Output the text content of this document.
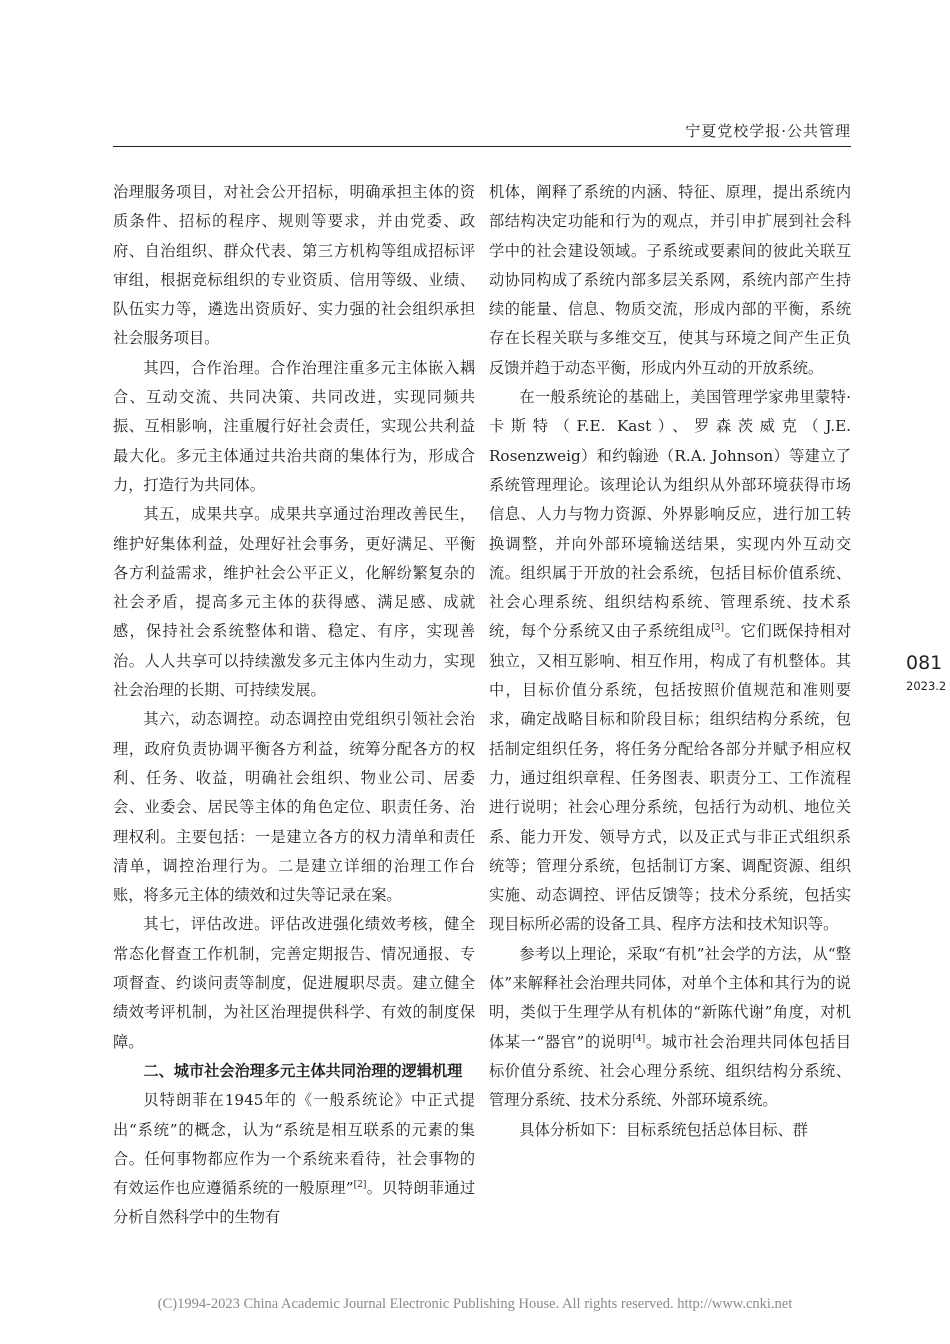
宁夏党校学报·公共管理

治理服务项目，对社会公开招标，明确承担主体的资质条件、招标的程序、规则等要求，并由党委、政府、自治组织、群众代表、第三方机构等组成招标评审组，根据竞标组织的专业资质、信用等级、业绩、队伍实力等，遴选出资质好、实力强的社会组织承担社会服务项目。

其四，合作治理。合作治理注重多元主体嵌入耦合、互动交流、共同决策、共同改进，实现同频共振、互相影响，注重履行好社会责任，实现公共利益最大化。多元主体通过共治共商的集体行为，形成合力，打造行为共同体。

其五，成果共享。成果共享通过治理改善民生，维护好集体利益，处理好社会事务，更好满足、平衡各方利益需求，维护社会公平正义，化解纷繁复杂的社会矛盾，提高多元主体的获得感、满足感、成就感，保持社会系统整体和谐、稳定、有序，实现善治。人人共享可以持续激发多元主体内生动力，实现社会治理的长期、可持续发展。

其六，动态调控。动态调控由党组织引领社会治理，政府负责协调平衡各方利益，统筹分配各方的权利、任务、收益，明确社会组织、物业公司、居委会、业委会、居民等主体的角色定位、职责任务、治理权利。主要包括：一是建立各方的权力清单和责任清单，调控治理行为。二是建立详细的治理工作台账，将多元主体的绩效和过失等记录在案。

其七，评估改进。评估改进强化绩效考核，健全常态化督查工作机制，完善定期报告、情况通报、专项督查、约谈问责等制度，促进履职尽责。建立健全绩效考评机制，为社区治理提供科学、有效的制度保障。

二、城市社会治理多元主体共同治理的逻辑机理

贝特朗菲在1945年的《一般系统论》中正式提出“系统”的概念，认为“系统是相互联系的元素的集合。任何事物都应作为一个系统来看待，社会事物的有效运作也应遵循系统的一般原理”[2]。贝特朗菲通过分析自然科学中的生物有

机体，阐释了系统的内涵、特征、原理，提出系统内部结构决定功能和行为的观点，并引申扩展到社会科学中的社会建设领域。子系统或要素间的彼此关联互动协同构成了系统内部多层关系网，系统内部产生持续的能量、信息、物质交流，形成内部的平衡，系统存在长程关联与多维交互，使其与环境之间产生正负反馈并趋于动态平衡，形成内外互动的开放系统。

在一般系统论的基础上，美国管理学家弗里蒙特·卡斯特（F.E. Kast）、罗森茨威克（J.E. Rosenzweig）和约翰逊（R.A. Johnson）等建立了系统管理理论。该理论认为组织从外部环境获得市场信息、人力与物力资源、外界影响反应，进行加工转换调整，并向外部环境输送结果，实现内外互动交流。组织属于开放的社会系统，包括目标价值系统、社会心理系统、组织结构系统、管理系统、技术系统，每个分系统又由子系统组成[3]。它们既保持相对独立，又相互影响、相互作用，构成了有机整体。其中，目标价值分系统，包括按照价值规范和准则要求，确定战略目标和阶段目标；组织结构分系统，包括制定组织任务，将任务分配给各部分并赋予相应权力，通过组织章程、任务图表、职责分工、工作流程进行说明；社会心理分系统，包括行为动机、地位关系、能力开发、领导方式，以及正式与非正式组织系统等；管理分系统，包括制订方案、调配资源、组织实施、动态调控、评估反馈等；技术分系统，包括实现目标所必需的设备工具、程序方法和技术知识等。

参考以上理论，采取“有机”社会学的方法，从“整体”来解释社会治理共同体，对单个主体和其行为的说明，类似于生理学从有机体的“新陈代谢”角度，对机体某一“器官”的说明[4]。城市社会治理共同体包括目标价值分系统、社会心理分系统、组织结构分系统、管理分系统、技术分系统、外部环境系统。

具体分析如下：目标系统包括总体目标、群

081
2023.2
(C)1994-2023 China Academic Journal Electronic Publishing House. All rights reserved. http://www.cnki.net
